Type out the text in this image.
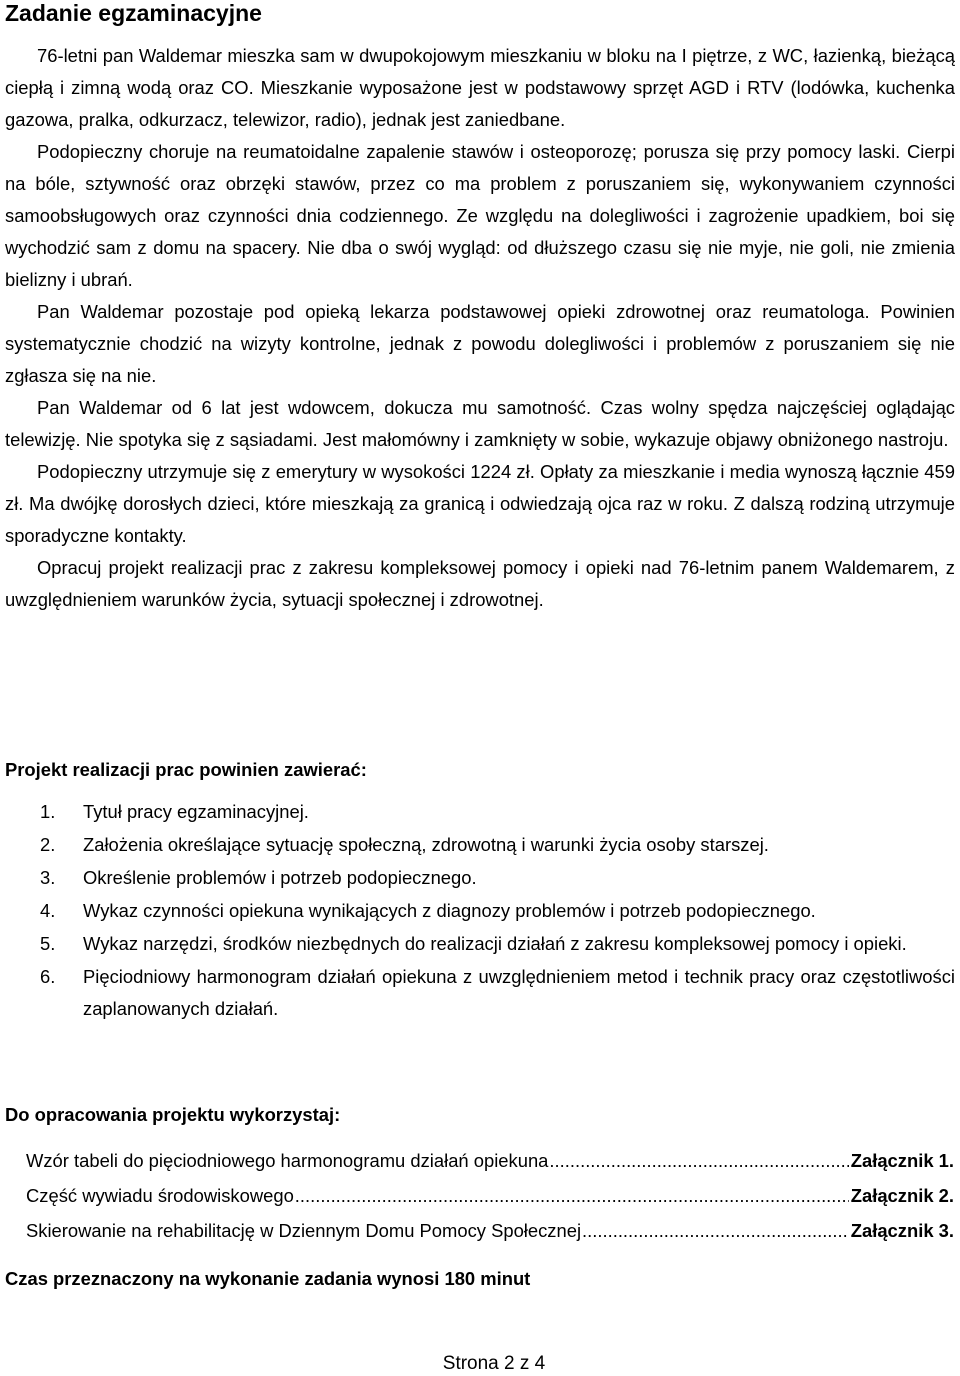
Zadanie egzaminacyjne

76-letni pan Waldemar mieszka sam w dwupokojowym mieszkaniu w bloku na I piętrze, z WC, łazienką, bieżącą ciepłą i zimną wodą oraz CO. Mieszkanie wyposażone jest w podstawowy sprzęt AGD i RTV (lodówka, kuchenka gazowa, pralka, odkurzacz, telewizor, radio), jednak jest zaniedbane.

Podopieczny choruje na reumatoidalne zapalenie stawów i osteoporozę; porusza się przy pomocy laski. Cierpi na bóle, sztywność oraz obrzęki stawów, przez co ma problem z poruszaniem się, wykonywaniem czynności samoobsługowych oraz czynności dnia codziennego. Ze względu na dolegliwości i zagrożenie upadkiem, boi się wychodzić sam z domu na spacery. Nie dba o swój wygląd: od dłuższego czasu się nie myje, nie goli, nie zmienia bielizny i ubrań.

Pan Waldemar pozostaje pod opieką lekarza podstawowej opieki zdrowotnej oraz reumatologa. Powinien systematycznie chodzić na wizyty kontrolne, jednak z powodu dolegliwości i problemów z poruszaniem się nie zgłasza się na nie.

Pan Waldemar od 6 lat jest wdowcem, dokucza mu samotność. Czas wolny spędza najczęściej oglądając telewizję. Nie spotyka się z sąsiadami. Jest małomówny i zamknięty w sobie, wykazuje objawy obniżonego nastroju.

Podopieczny utrzymuje się z emerytury w wysokości 1224 zł. Opłaty za mieszkanie i media wynoszą łącznie 459 zł. Ma dwójkę dorosłych dzieci, które mieszkają za granicą i odwiedzają ojca raz w roku. Z dalszą rodziną utrzymuje sporadyczne kontakty.

Opracuj projekt realizacji prac z zakresu kompleksowej pomocy i opieki nad 76-letnim panem Waldemarem, z uwzględnieniem warunków życia, sytuacji społecznej i zdrowotnej.

Projekt realizacji prac powinien zawierać:
1. Tytuł pracy egzaminacyjnej.
2. Założenia określające sytuację społeczną, zdrowotną i warunki życia osoby starszej.
3. Określenie problemów i potrzeb podopiecznego.
4. Wykaz czynności opiekuna wynikających z diagnozy problemów i potrzeb podopiecznego.
5. Wykaz narzędzi, środków niezbędnych do realizacji działań z zakresu kompleksowej pomocy i opieki.
6. Pięciodniowy harmonogram działań opiekuna z uwzględnieniem metod i technik pracy oraz częstotliwości zaplanowanych działań.
Do opracowania projektu wykorzystaj:
Wzór tabeli do pięciodniowego harmonogramu działań opiekuna .....	Załącznik 1.
Część wywiadu środowiskowego .....	Załącznik 2.
Skierowanie na rehabilitację w Dziennym Domu Pomocy Społecznej .....	Załącznik 3.
Czas przeznaczony na wykonanie zadania wynosi 180 minut
Strona 2 z 4
